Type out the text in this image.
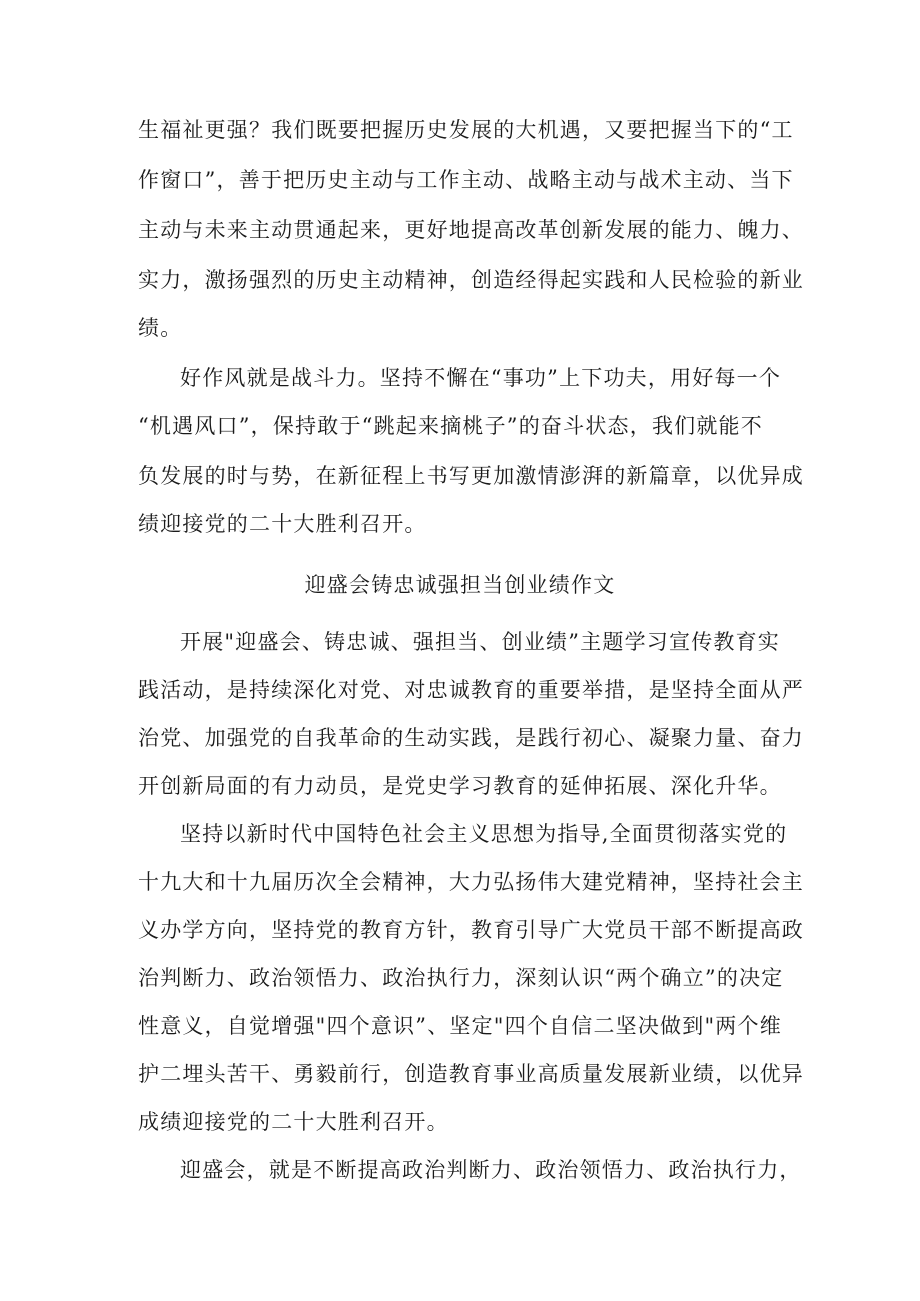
生福祉更强？我们既要把握历史发展的大机遇，又要把握当下的“工
作窗口”，善于把历史主动与工作主动、战略主动与战术主动、当下
主动与未来主动贯通起来，更好地提高改革创新发展的能力、魄力、
实力，激扬强烈的历史主动精神，创造经得起实践和人民检验的新业
绩。
好作风就是战斗力。坚持不懈在“事功”上下功夫，用好每一个
“机遇风口”，保持敢于“跳起来摘桃子”的奋斗状态，我们就能不
负发展的时与势，在新征程上书写更加激情澎湃的新篇章，以优异成
绩迎接党的二十大胜利召开。
迎盛会铸忠诚强担当创业绩作文
开展"迎盛会、铸忠诚、强担当、创业绩”主题学习宣传教育实
践活动，是持续深化对党、对忠诚教育的重要举措，是坚持全面从严
治党、加强党的自我革命的生动实践，是践行初心、凝聚力量、奋力
开创新局面的有力动员，是党史学习教育的延伸拓展、深化升华。
坚持以新时代中国特色社会主义思想为指导,全面贯彻落实党的
十九大和十九届历次全会精神，大力弘扬伟大建党精神，坚持社会主
义办学方向，坚持党的教育方针，教育引导广大党员干部不断提高政
治判断力、政治领悟力、政治执行力，深刻认识“两个确立”的决定
性意义，自觉增强"四个意识”、坚定"四个自信二坚决做到"两个维
护二埋头苦干、勇毅前行，创造教育事业高质量发展新业绩，以优异
成绩迎接党的二十大胜利召开。
迎盛会，就是不断提高政治判断力、政治领悟力、政治执行力，
